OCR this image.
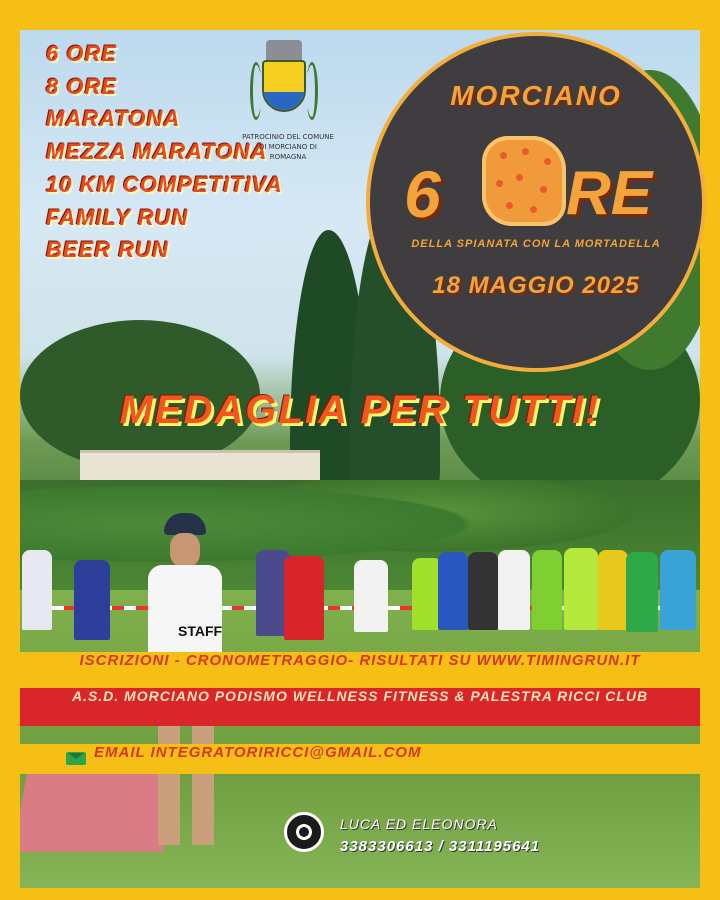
STAFF
6 ORE
8 ORE
MARATONA
MEZZA MARATONA
10 KM COMPETITIVA
FAMILY RUN
BEER RUN
PATROCINIO DEL COMUNE DI MORCIANO DI ROMAGNA
MORCIANO
6 RE
DELLA SPIANATA CON LA MORTADELLA
18 MAGGIO 2025
MEDAGLIA PER TUTTI!
ISCRIZIONI - CRONOMETRAGGIO- RISULTATI SU WWW.TIMINGRUN.IT
A.S.D. MORCIANO PODISMO WELLNESS FITNESS & PALESTRA RICCI CLUB
EMAIL INTEGRATORIRICCI@GMAIL.COM
LUCA ED ELEONORA
3383306613 / 3311195641
